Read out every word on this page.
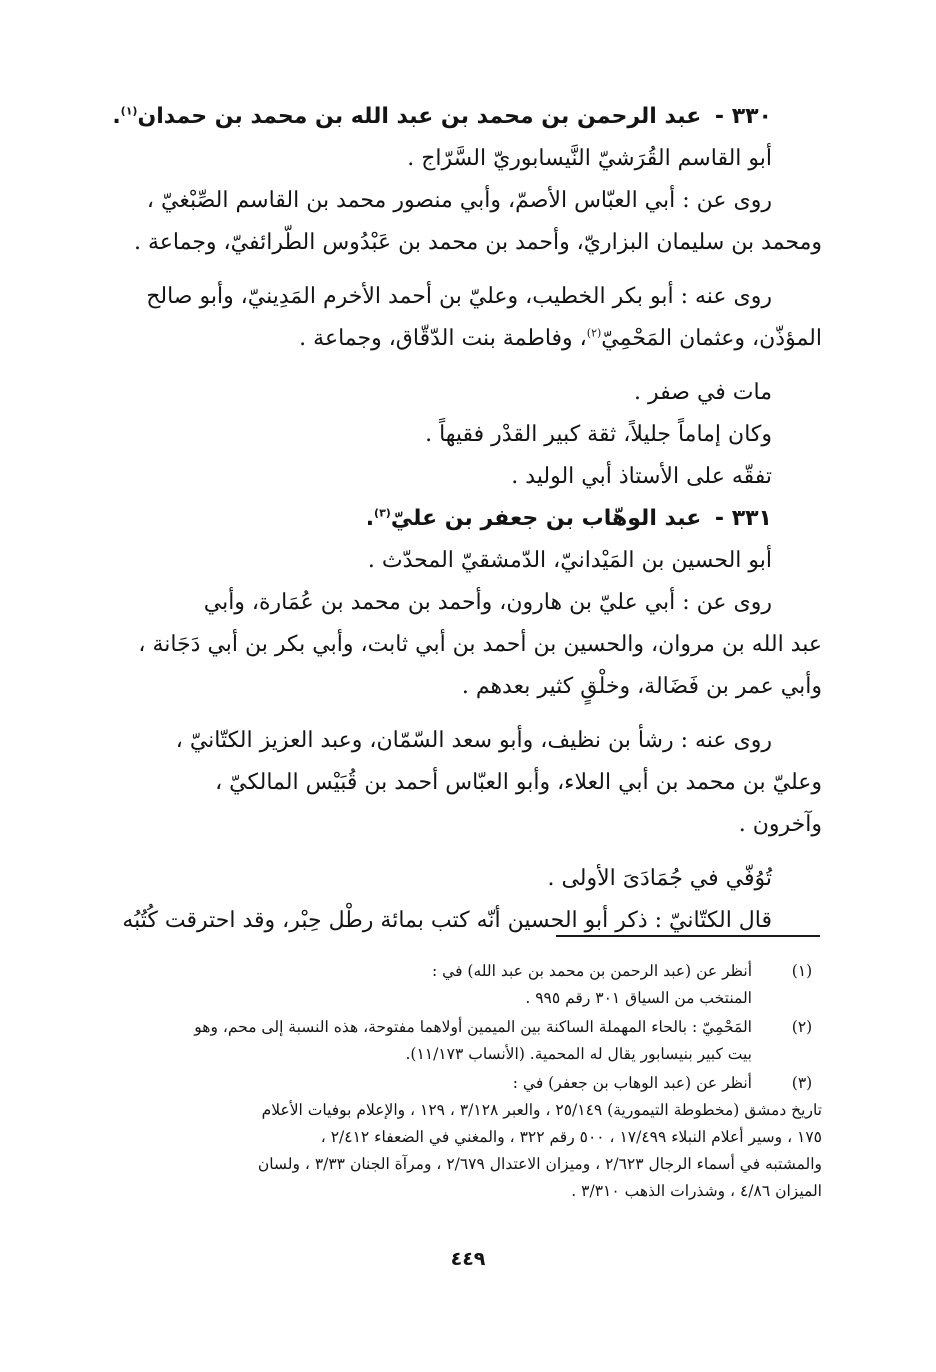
٣٣٠ - عبد الرحمن بن محمد بن عبد الله بن محمد بن حمدان$^{(١)}$.

أبو القاسم القُرَشيّ النَّيسابوريّ السَّرّاج .

روى عن : أبي العبّاس الأصمّ، وأبي منصور محمد بن القاسم الصِّبْغيّ ،

ومحمد بن سليمان البزاريّ، وأحمد بن محمد بن عَبْدُوس الطّرائفيّ، وجماعة .

روى عنه : أبو بكر الخطيب، وعليّ بن أحمد الأخرم المَدِينيّ، وأبو صالح

المؤذّن، وعثمان المَحْمِيّ$^{(٢)}$، وفاطمة بنت الدّقّاق، وجماعة .

مات في صفر .

وكان إماماً جليلاً، ثقة كبير القدْر فقيهاً .

تفقّه على الأستاذ أبي الوليد .

٣٣١ - عبد الوهّاب بن جعفر بن عليّ$^{(٣)}$.

أبو الحسين بن المَيْدانيّ، الدّمشقيّ المحدّث .

روى عن : أبي عليّ بن هارون، وأحمد بن محمد بن عُمَارة، وأبي

عبد الله بن مروان، والحسين بن أحمد بن أبي ثابت، وأبي بكر بن أبي دَجَانة ،

وأبي عمر بن فَضَالة، وخلْقٍ كثير بعدهم .

روى عنه : رشأ بن نظيف، وأبو سعد السّمّان، وعبد العزيز الكتّانيّ ،

وعليّ بن محمد بن أبي العلاء، وأبو العبّاس أحمد بن قُبَيْس المالكيّ ،

وآخرون .

تُوُفّي في جُمَادَىَ الأولى .

قال الكتّانيّ : ذكر أبو الحسين أنّه كتب بمائة رطْل حِبْر، وقد احترقت كُتُبُه

(١)

أنظر عن (عبد الرحمن بن محمد بن عبد الله) في :

المنتخب من السياق ٣٠١ رقم ٩٩٥ .

(٢)

المَحْمِيّ : بالحاء المهملة الساكنة بين الميمين أولاهما مفتوحة، هذه النسبة إلى محم، وهو

بيت كبير بنيسابور يقال له المحمية. (الأنساب ١١/١٧٣).

(٣)

أنظر عن (عبد الوهاب بن جعفر) في :

تاريخ دمشق (مخطوطة التيمورية) ٢٥/١٤٩ ، والعبر ٣/١٢٨ ، ١٢٩ ، والإعلام بوفيات الأعلام

١٧٥ ، وسير أعلام النبلاء ١٧/٤٩٩ ، ٥٠٠ رقم ٣٢٢ ، والمغني في الضعفاء ٢/٤١٢ ،

والمشتبه في أسماء الرجال ٢/٦٢٣ ، وميزان الاعتدال ٢/٦٧٩ ، ومرآة الجنان ٣/٣٣ ، ولسان

الميزان ٤/٨٦ ، وشذرات الذهب ٣/٣١٠ .

٤٤٩
